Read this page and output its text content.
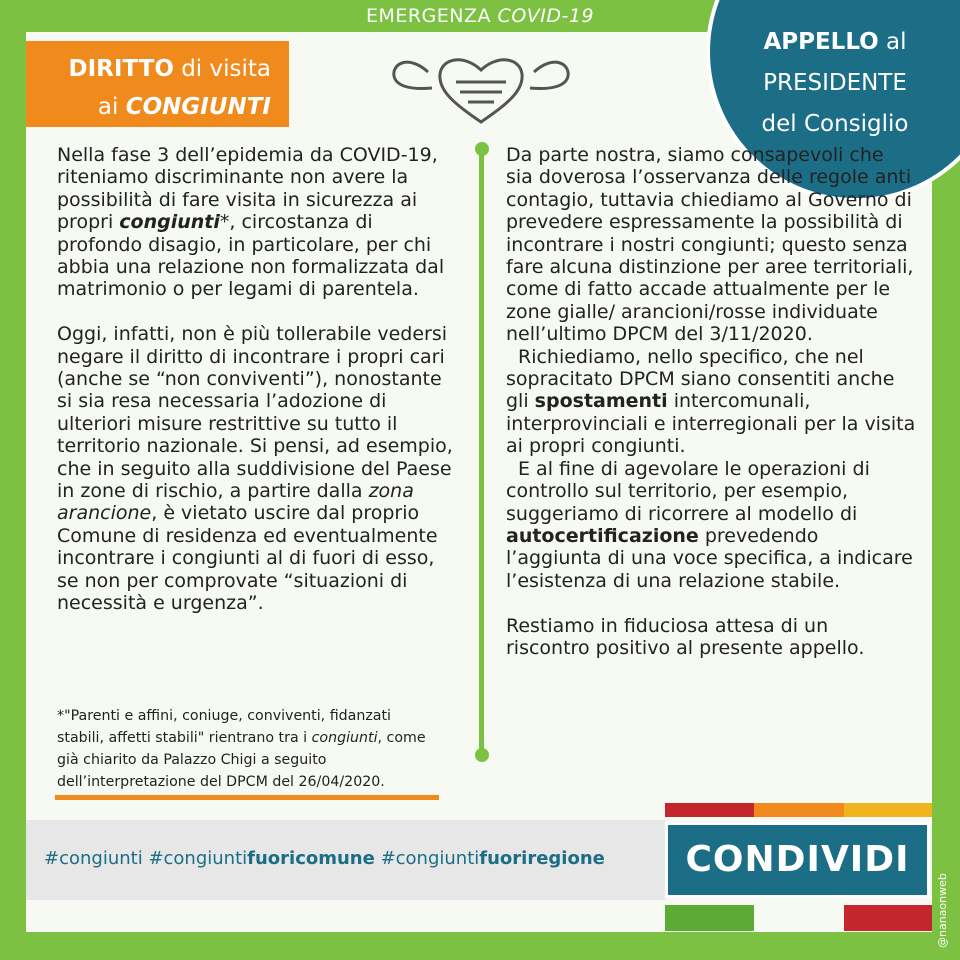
EMERGENZA COVID-19
DIRITTO di visita
ai CONGIUNTI
APPELLO al
PRESIDENTE
del Consiglio

Nella fase 3 dell’epidemia da COVID-19, riteniamo discriminante non avere la possibilità di fare visita in sicurezza ai propri congiunti*, circostanza di profondo disagio, in particolare, per chi abbia una relazione non formalizzata dal matrimonio o per legami di parentela.

Oggi, infatti, non è più tollerabile vedersi negare il diritto di incontrare i propri cari (anche se “non conviventi”), nonostante si sia resa necessaria l’adozione di ulteriori misure restrittive su tutto il territorio nazionale. Si pensi, ad esempio, che in seguito alla suddivisione del Paese in zone di rischio, a partire dalla zona arancione, è vietato uscire dal proprio Comune di residenza ed eventualmente incontrare i congiunti al di fuori di esso, se non per comprovate “situazioni di necessità e urgenza”.

*"Parenti e affini, coniuge, conviventi, fidanzati stabili, affetti stabili" rientrano tra i congiunti, come già chiarito da Palazzo Chigi a seguito dell’interpretazione del DPCM del 26/04/2020.

Da parte nostra, siamo consapevoli che sia doverosa l’osservanza delle regole anti contagio, tuttavia chiediamo al Governo di prevedere espressamente la possibilità di incontrare i nostri congiunti; questo senza fare alcuna distinzione per aree territoriali, come di fatto accade attualmente per le zone gialle/ arancioni/rosse individuate nell’ultimo DPCM del 3/11/2020.

Richiediamo, nello specifico, che nel sopracitato DPCM siano consentiti anche gli spostamenti intercomunali, interprovinciali e interregionali per la visita ai propri congiunti.

E al fine di agevolare le operazioni di controllo sul territorio, per esempio, suggeriamo di ricorrere al modello di autocertificazione prevedendo l’aggiunta di una voce specifica, a indicare l’esistenza di una relazione stabile.

Restiamo in fiduciosa attesa di un riscontro positivo al presente appello.

#congiunti #congiuntifuoricomune #congiuntifuoriregione	CONDIVIDI
@nanaonweb
